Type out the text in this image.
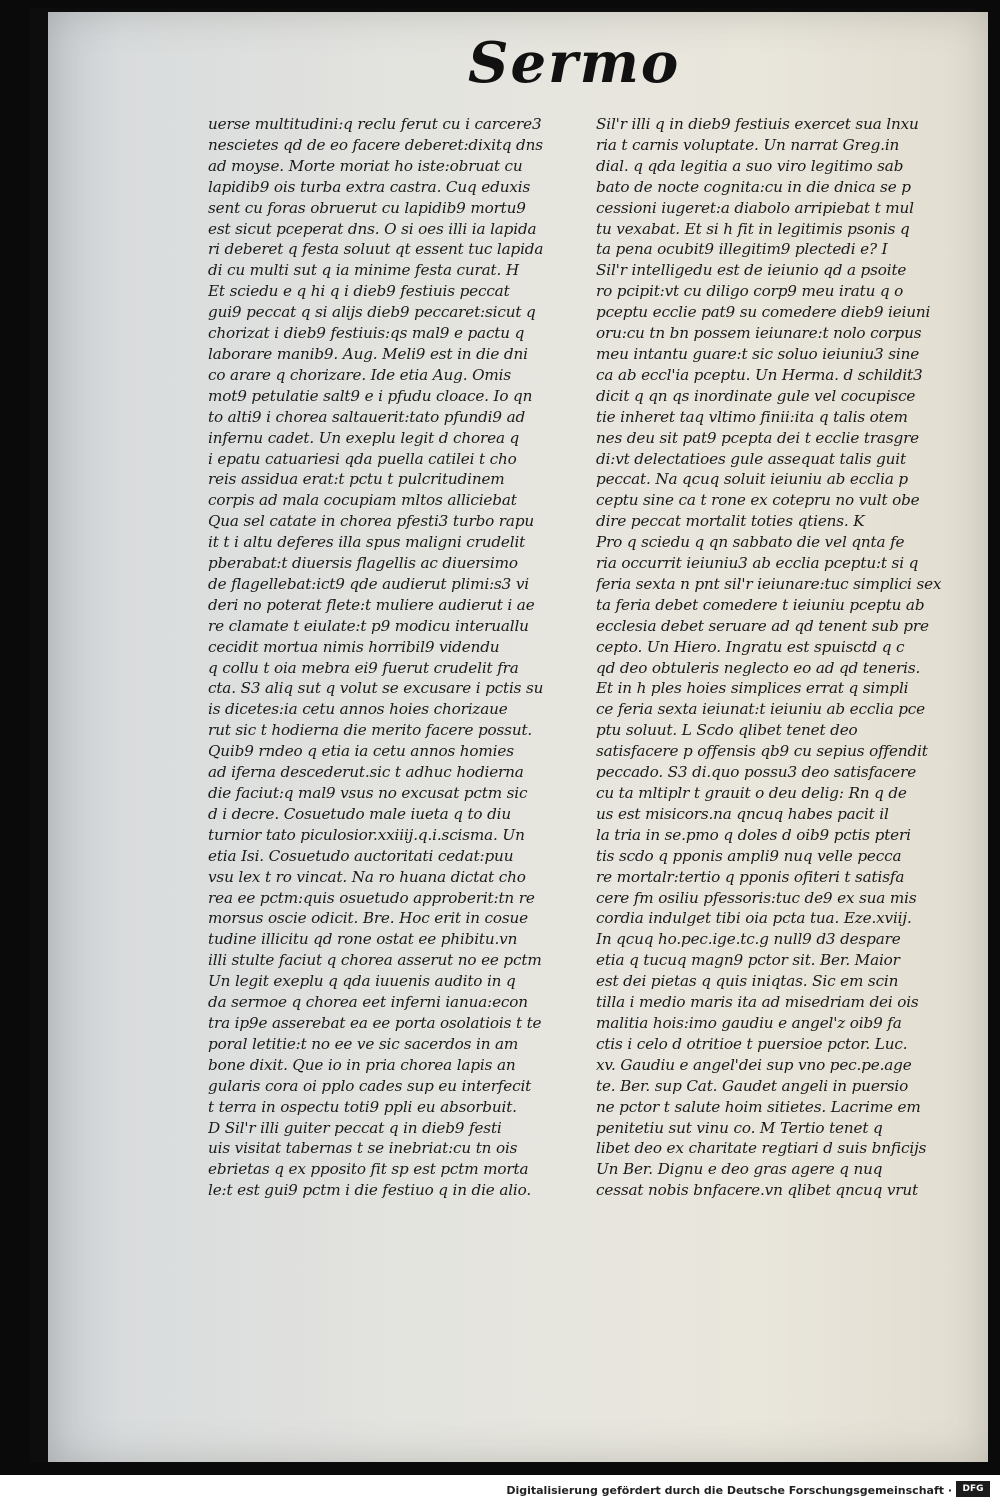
Sermo
uerse multitudini:q reclu ferut cu i carcere3
nescietes qd de eo facere deberet:dixitq dns
ad moyse. Morte moriat ho iste:obruat cu
lapidib9 ois turba extra castra. Cuq eduxis
sent cu foras obruerut cu lapidib9 mortu9
est sicut pceperat dns. O si oes illi ia lapida
ri deberet q festa soluut qt essent tuc lapida
di cu multi sut q ia minime festa curat. H
Et sciedu e q hi q i dieb9 festiuis peccat
gui9 peccat q si alijs dieb9 peccaret:sicut q
chorizat i dieb9 festiuis:qs mal9 e pactu q
laborare manib9. Aug. Meli9 est in die dni
co arare q chorizare. Ide etia Aug. Omis
mot9 petulatie salt9 e i pfudu cloace. Io qn
to alti9 i chorea saltauerit:tato pfundi9 ad
infernu cadet. Un exeplu legit d chorea q
i epatu catuariesi qda puella catilei t cho
reis assidua erat:t pctu t pulcritudinem
corpis ad mala cocupiam mltos alliciebat
Qua sel catate in chorea pfesti3 turbo rapu
it t i altu deferes illa spus maligni crudelit
pberabat:t diuersis flagellis ac diuersimo
de flagellebat:ict9 qde audierut plimi:s3 vi
deri no poterat flete:t muliere audierut i ae
re clamate t eiulate:t p9 modicu interuallu
cecidit mortua nimis horribil9 videndu
q collu t oia mebra ei9 fuerut crudelit fra
cta. S3 aliq sut q volut se excusare i pctis su
is dicetes:ia cetu annos hoies chorizaue
rut sic t hodierna die merito facere possut.
Quib9 rndeo q etia ia cetu annos homies
ad iferna descederut.sic t adhuc hodierna
die faciut:q mal9 vsus no excusat pctm sic
d i decre. Cosuetudo male iueta q to diu
turnior tato piculosior.xxiiij.q.i.scisma. Un
etia Isi. Cosuetudo auctoritati cedat:puu
vsu lex t ro vincat. Na ro huana dictat cho
rea ee pctm:quis osuetudo approberit:tn re
morsus oscie odicit. Bre. Hoc erit in cosue
tudine illicitu qd rone ostat ee phibitu.vn
illi stulte faciut q chorea asserut no ee pctm
Un legit exeplu q qda iuuenis audito in q
da sermoe q chorea eet inferni ianua:econ
tra ip9e asserebat ea ee porta osolatiois t te
poral letitie:t no ee ve sic sacerdos in am
bone dixit. Que io in pria chorea lapis an
gularis cora oi pplo cades sup eu interfecit
t terra in ospectu toti9 ppli eu absorbuit.
D Sil'r illi guiter peccat q in dieb9 festi
uis visitat tabernas t se inebriat:cu tn ois
ebrietas q ex pposito fit sp est pctm morta
le:t est gui9 pctm i die festiuo q in die alio.
Sil'r illi q in dieb9 festiuis exercet sua lnxu
ria t carnis voluptate. Un narrat Greg.in
dial. q qda legitia a suo viro legitimo sab
bato de nocte cognita:cu in die dnica se p
cessioni iugeret:a diabolo arripiebat t mul
tu vexabat. Et si h fit in legitimis psonis q
ta pena ocubit9 illegitim9 plectedi e? I
Sil'r intelligedu est de ieiunio qd a psoite
ro pcipit:vt cu diligo corp9 meu iratu q o
pceptu ecclie pat9 su comedere dieb9 ieiuni
oru:cu tn bn possem ieiunare:t nolo corpus
meu intantu guare:t sic soluo ieiuniu3 sine
ca ab eccl'ia pceptu. Un Herma. d schildit3
dicit q qn qs inordinate gule vel cocupisce
tie inheret taq vltimo finii:ita q talis otem
nes deu sit pat9 pcepta dei t ecclie trasgre
di:vt delectatioes gule assequat talis guit
peccat. Na qcuq soluit ieiuniu ab ecclia p
ceptu sine ca t rone ex cotepru no vult obe
dire peccat mortalit toties qtiens. K
Pro q sciedu q qn sabbato die vel qnta fe
ria occurrit ieiuniu3 ab ecclia pceptu:t si q
feria sexta n pnt sil'r ieiunare:tuc simplici sex
ta feria debet comedere t ieiuniu pceptu ab
ecclesia debet seruare ad qd tenent sub pre
cepto. Un Hiero. Ingratu est spuisctd q c
qd deo obtuleris neglecto eo ad qd teneris.
Et in h ples hoies simplices errat q simpli
ce feria sexta ieiunat:t ieiuniu ab ecclia pce
ptu soluut. L Scdo qlibet tenet deo
satisfacere p offensis qb9 cu sepius offendit
peccado. S3 di.quo possu3 deo satisfacere
cu ta mltiplr t grauit o deu delig: Rn q de
us est misicors.na qncuq habes pacit il
la tria in se.pmo q doles d oib9 pctis pteri
tis scdo q pponis ampli9 nuq velle pecca
re mortalr:tertio q pponis ofiteri t satisfa
cere fm osiliu pfessoris:tuc de9 ex sua mis
cordia indulget tibi oia pcta tua. Eze.xviij.
In qcuq ho.pec.ige.tc.g null9 d3 despare
etia q tucuq magn9 pctor sit. Ber. Maior
est dei pietas q quis iniqtas. Sic em scin
tilla i medio maris ita ad misedriam dei ois
malitia hois:imo gaudiu e angel'z oib9 fa
ctis i celo d otritioe t puersioe pctor. Luc.
xv. Gaudiu e angel'dei sup vno pec.pe.age
te. Ber. sup Cat. Gaudet angeli in puersio
ne pctor t salute hoim sitietes. Lacrime em
penitetiu sut vinu co. M Tertio tenet q
libet deo ex charitate regtiari d suis bnficijs
Un Ber. Dignu e deo gras agere q nuq
cessat nobis bnfacere.vn qlibet qncuq vrut
Digitalisierung gefördert durch die Deutsche Forschungsgemeinschaft ·	DFG
